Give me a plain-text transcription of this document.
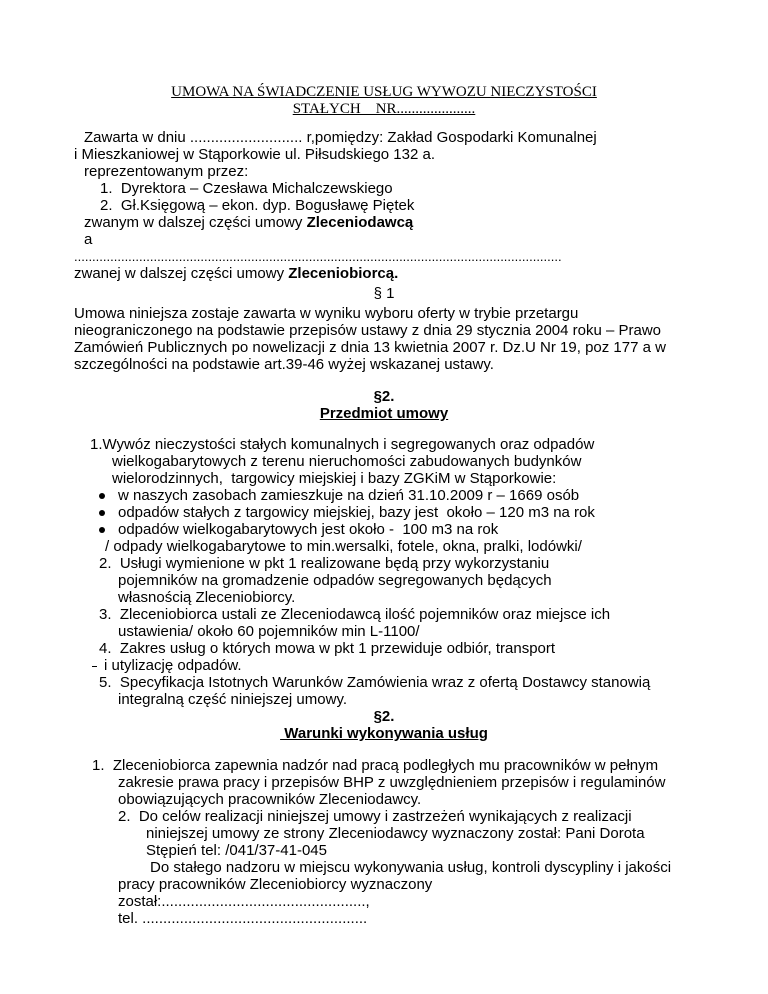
UMOWA NA ŚWIADCZENIE USŁUG WYWOZU NIECZYSTOŚCI
STAŁYCH    NR.....................
Zawarta w dniu ........................... r,pomiędzy: Zakład Gospodarki Komunalnej
i Mieszkaniowej w Stąporkowie ul. Piłsudskiego 132 a.
reprezentowanym przez:
1.  Dyrektora – Czesława Michalczewskiego
2.  Gł.Księgową – ekon. dyp. Bogusławę Piętek
zwanym w dalszej części umowy Zleceniodawcą
a
.......................................................................................................................................
zwanej w dalszej części umowy Zleceniobiorcą.
§ 1
Umowa niniejsza zostaje zawarta w wyniku wyboru oferty w trybie przetargu
nieograniczonego na podstawie przepisów ustawy z dnia 29 stycznia 2004 roku – Prawo
Zamówień Publicznych po nowelizacji z dnia 13 kwietnia 2007 r. Dz.U Nr 19, poz 177 a w
szczególności na podstawie art.39-46 wyżej wskazanej ustawy.
§2.
Przedmiot umowy
1.Wywóz nieczystości stałych komunalnych i segregowanych oraz odpadów
wielkogabarytowych z terenu nieruchomości zabudowanych budynków
wielorodzinnych,  targowicy miejskiej i bazy ZGKiM w Stąporkowie:
w naszych zasobach zamieszkuje na dzień 31.10.2009 r – 1669 osób
odpadów stałych z targowicy miejskiej, bazy jest  około – 120 m3 na rok
odpadów wielkogabarytowych jest około -  100 m3 na rok
/ odpady wielkogabarytowe to min.wersalki, fotele, okna, pralki, lodówki/
2.  Usługi wymienione w pkt 1 realizowane będą przy wykorzystaniu
pojemników na gromadzenie odpadów segregowanych będących
własnością Zleceniobiorcy.
3.  Zleceniobiorca ustali ze Zleceniodawcą ilość pojemników oraz miejsce ich
ustawienia/ około 60 pojemników min L-1100/
4.  Zakres usług o których mowa w pkt 1 przewiduje odbiór, transport
i utylizację odpadów.
5.  Specyfikacja Istotnych Warunków Zamówienia wraz z ofertą Dostawcy stanowią
integralną część niniejszej umowy.
§2.
Warunki wykonywania usług
1.  Zleceniobiorca zapewnia nadzór nad pracą podległych mu pracowników w pełnym
zakresie prawa pracy i przepisów BHP z uwzględnieniem przepisów i regulaminów
obowiązujących pracowników Zleceniodawcy.
2.  Do celów realizacji niniejszej umowy i zastrzeżeń wynikających z realizacji
niniejszej umowy ze strony Zleceniodawcy wyznaczony został: Pani Dorota
Stępień tel: /041/37-41-045
Do stałego nadzoru w miejscu wykonywania usług, kontroli dyscypliny i jakości
pracy pracowników Zleceniobiorcy wyznaczony
został:.................................................,
tel. ......................................................
